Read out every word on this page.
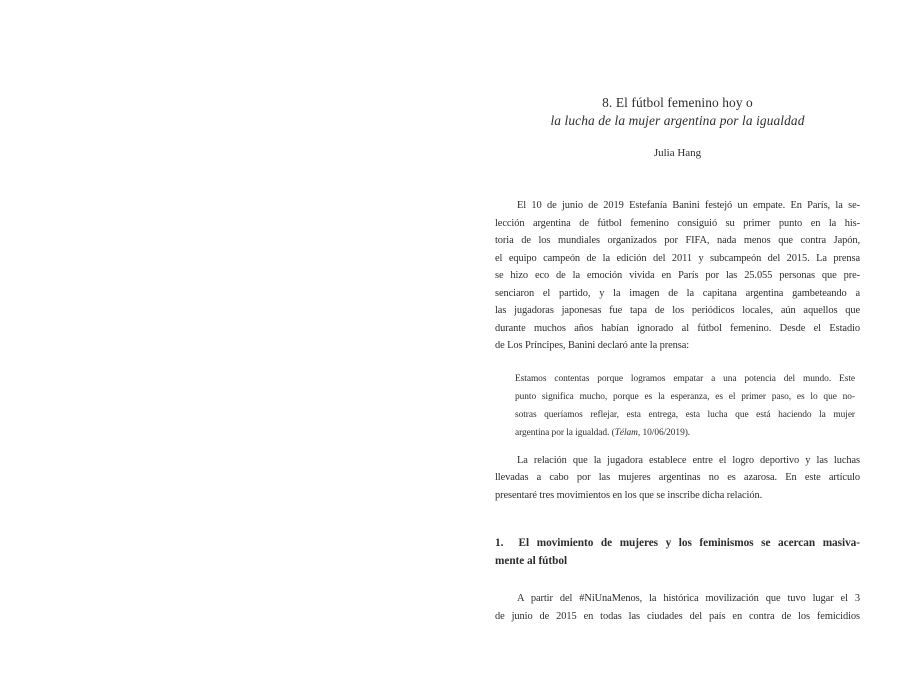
8. El fútbol femenino hoy o
la lucha de la mujer argentina por la igualdad
Julia Hang
El 10 de junio de 2019 Estefanía Banini festejó un empate. En París, la se-
lección argentina de fútbol femenino consiguió su primer punto en la his-
toria de los mundiales organizados por FIFA, nada menos que contra Japón,
el equipo campeón de la edición del 2011 y subcampeón del 2015. La prensa
se hizo eco de la emoción vivida en París por las 25.055 personas que pre-
senciaron el partido, y la imagen de la capitana argentina gambeteando a
las jugadoras japonesas fue tapa de los periódicos locales, aún aquellos que
durante muchos años habían ignorado al fútbol femenino. Desde el Estadio
de Los Príncipes, Banini declaró ante la prensa:
Estamos contentas porque logramos empatar a una potencia del mundo. Este
punto significa mucho, porque es la esperanza, es el primer paso, es lo que no-
sotras queríamos reflejar, esta entrega, esta lucha que está haciendo la mujer
argentina por la igualdad. (Télam, 10/06/2019).
La relación que la jugadora establece entre el logro deportivo y las luchas
llevadas a cabo por las mujeres argentinas no es azarosa. En este artículo
presentaré tres movimientos en los que se inscribe dicha relación.
1.  El movimiento de mujeres y los feminismos se acercan masiva-
mente al fútbol
A partir del #NiUnaMenos, la histórica movilización que tuvo lugar el 3
de junio de 2015 en todas las ciudades del país en contra de los femicidios
